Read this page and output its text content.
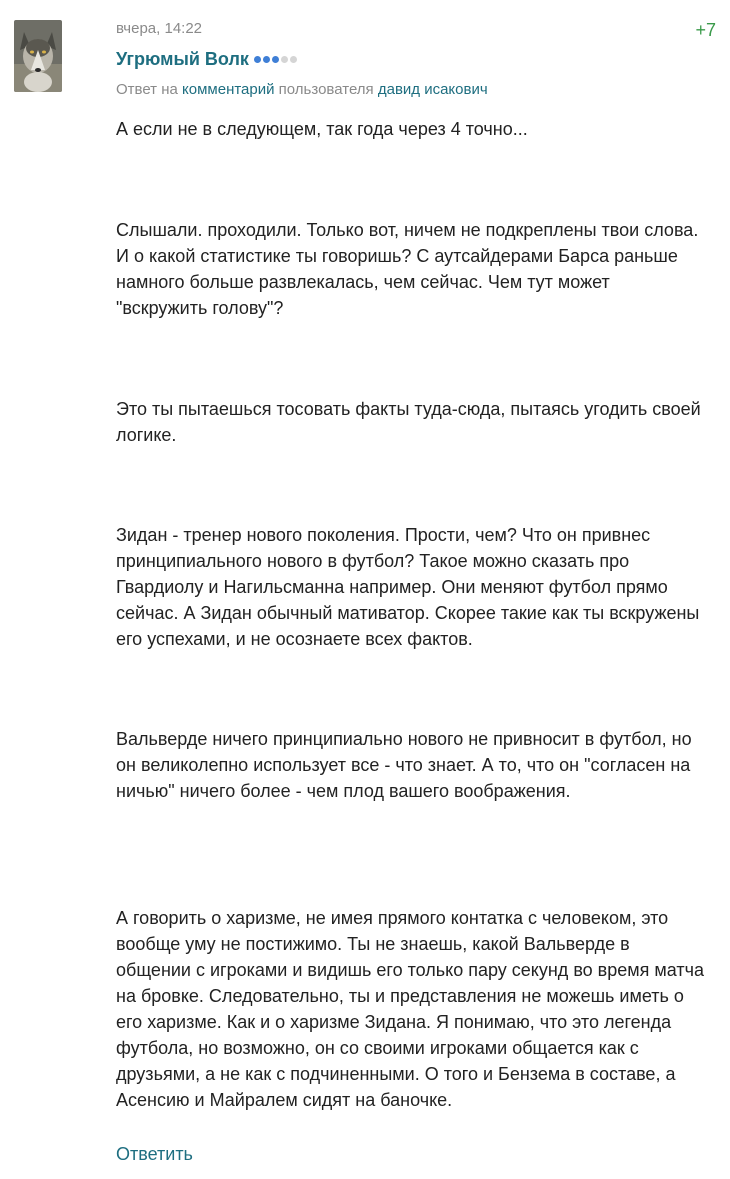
вчера, 14:22	+7
Угрюмый Волк
Ответ на комментарий пользователя давид исакович

А если не в следующем, так года через 4 точно...

Слышали. проходили. Только вот, ничем не подкреплены твои слова. И о какой статистике ты говоришь? С аутсайдерами Барса раньше намного больше развлекалась, чем сейчас. Чем тут может "вскружить голову"?

Это ты пытаешься тосовать факты туда-сюда, пытаясь угодить своей логике.

Зидан - тренер нового поколения. Прости, чем? Что он привнес принципиального нового в футбол? Такое можно сказать про Гвардиолу и Нагильсманна например. Они меняют футбол прямо сейчас. А Зидан обычный мативатор. Скорее такие как ты вскружены его успехами, и не осознаете всех фактов.

Вальверде ничего принципиально нового не привносит в футбол, но он великолепно использует все - что знает. А то, что он "согласен на ничью" ничего более - чем плод вашего воображения.

А говорить о харизме, не имея прямого контатка с человеком, это вообще уму не постижимо. Ты не знаешь, какой Вальверде в общении с игроками и видишь его только пару секунд во время матча на бровке. Следовательно, ты и представления не можешь иметь о его харизме. Как и о харизме Зидана. Я понимаю, что это легенда футбола, но возможно, он со своими игроками общается как с друзьями, а не как с подчиненными. О того и Бензема в составе, а Асенсию и Майралем сидят на баночке.

Ответить
